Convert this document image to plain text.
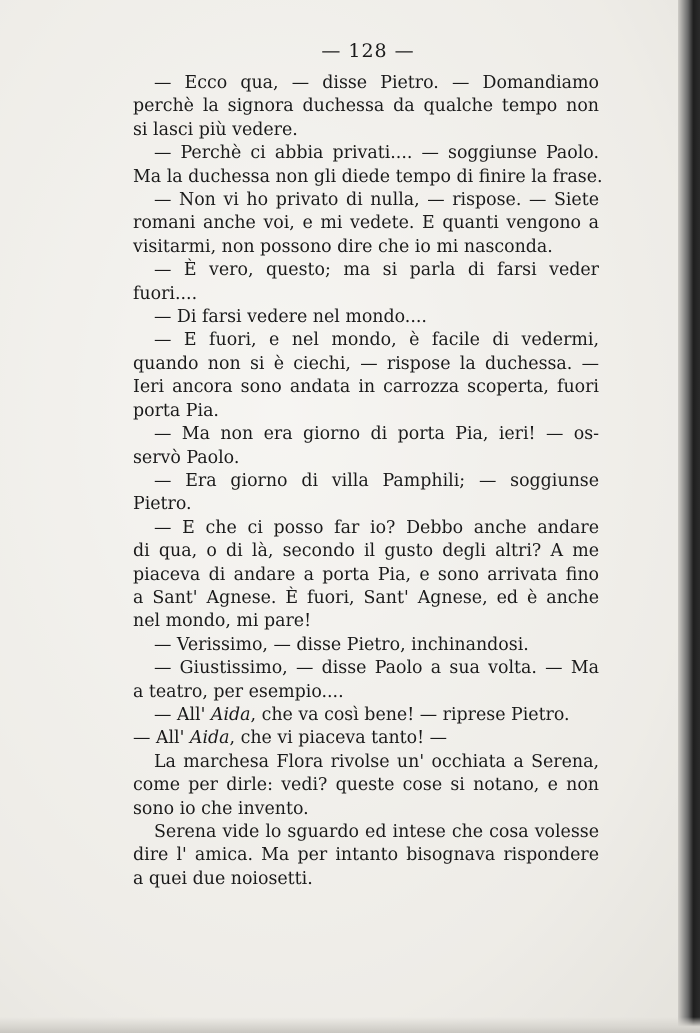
— 128 —
— Ecco qua, — disse Pietro. — Domandiamo
perchè la signora duchessa da qualche tempo non
si lasci più vedere.
— Perchè ci abbia privati.... — soggiunse Paolo.
Ma la duchessa non gli diede tempo di finire la frase.
— Non vi ho privato di nulla, — rispose. — Siete
romani anche voi, e mi vedete. E quanti vengono a
visitarmi, non possono dire che io mi nasconda.
— È vero, questo; ma si parla di farsi veder
fuori....
— Di farsi vedere nel mondo....
— E fuori, e nel mondo, è facile di vedermi,
quando non si è ciechi, — rispose la duchessa. —
Ieri ancora sono andata in carrozza scoperta, fuori
porta Pia.
— Ma non era giorno di porta Pia, ieri! — os-
servò Paolo.
— Era giorno di villa Pamphili; — soggiunse
Pietro.
— E che ci posso far io? Debbo anche andare
di qua, o di là, secondo il gusto degli altri? A me
piaceva di andare a porta Pia, e sono arrivata fino
a Sant' Agnese. È fuori, Sant' Agnese, ed è anche
nel mondo, mi pare!
— Verissimo, — disse Pietro, inchinandosi.
— Giustissimo, — disse Paolo a sua volta. — Ma
a teatro, per esempio....
— All' Aida, che va così bene! — riprese Pietro.
— All' Aida, che vi piaceva tanto! —
La marchesa Flora rivolse un' occhiata a Serena,
come per dirle: vedi? queste cose si notano, e non
sono io che invento.
Serena vide lo sguardo ed intese che cosa volesse
dire l' amica. Ma per intanto bisognava rispondere
a quei due noiosetti.
